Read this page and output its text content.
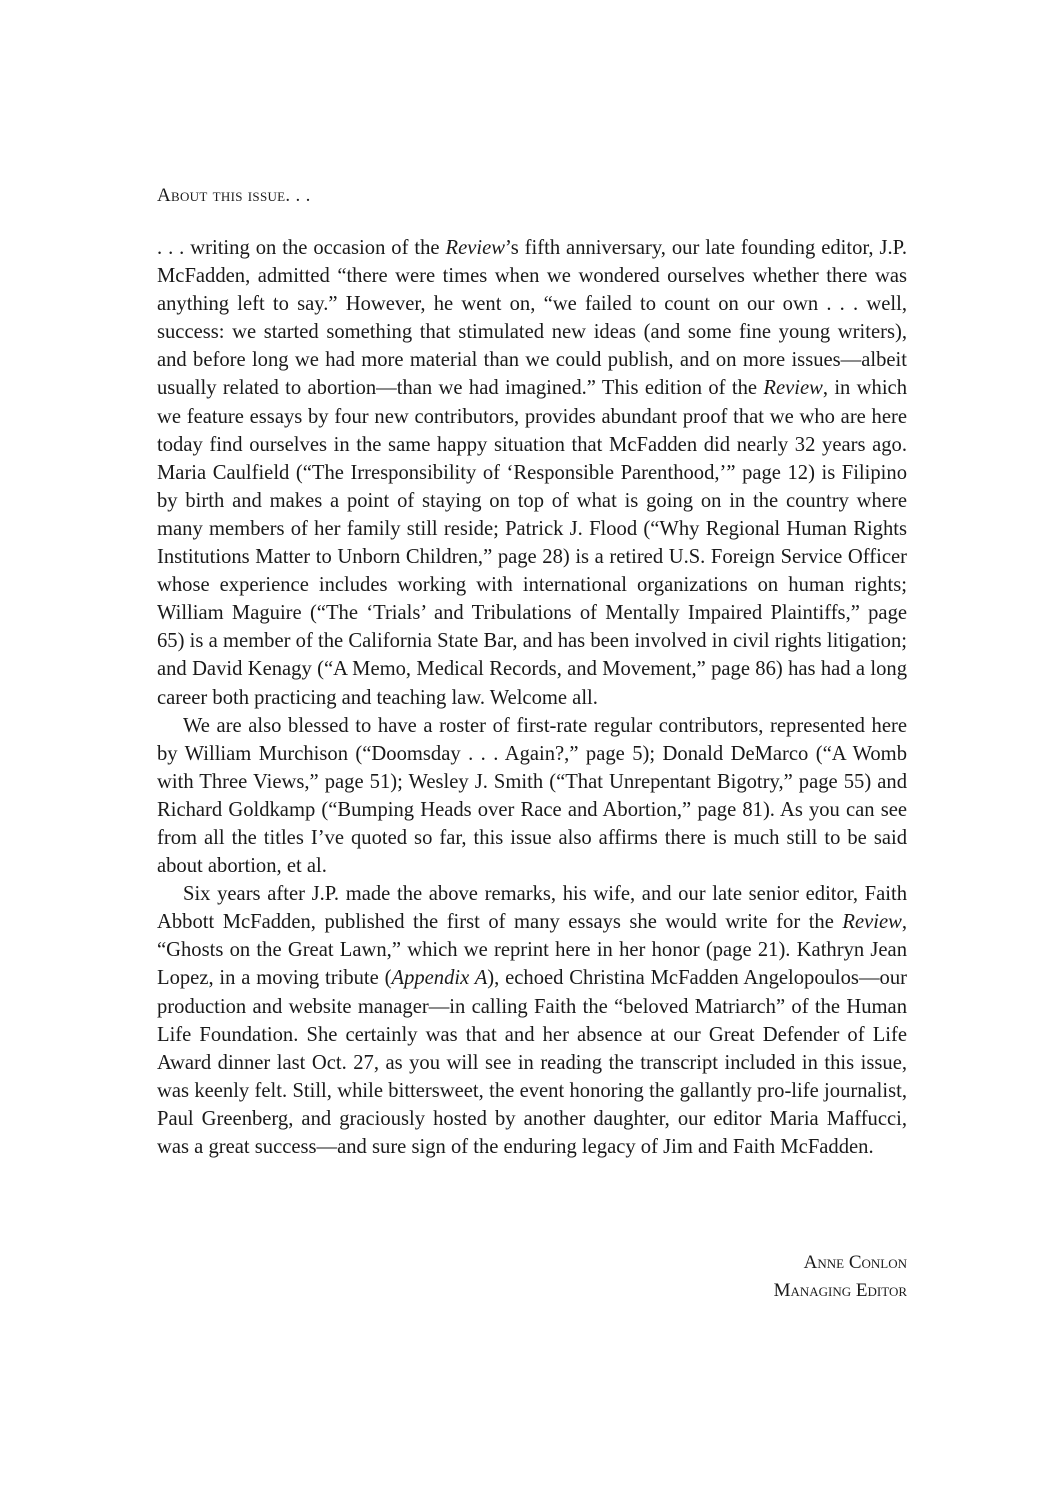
About this issue. . .

. . . writing on the occasion of the Review’s fifth anniversary, our late founding editor, J.P. McFadden, admitted “there were times when we wondered ourselves whether there was anything left to say.” However, he went on, “we failed to count on our own . . . well, success: we started something that stimulated new ideas (and some fine young writers), and before long we had more material than we could publish, and on more issues—albeit usually related to abortion—than we had imagined.” This edition of the Review, in which we feature essays by four new contributors, provides abundant proof that we who are here today find ourselves in the same happy situation that McFadden did nearly 32 years ago. Maria Caulfield (“The Irresponsibility of ‘Responsible Parenthood,’” page 12) is Filipino by birth and makes a point of staying on top of what is going on in the country where many members of her family still reside; Patrick J. Flood (“Why Regional Human Rights Institutions Matter to Unborn Children,” page 28) is a retired U.S. Foreign Service Officer whose experience includes working with international organizations on human rights; William Maguire (“The ‘Trials’ and Tribulations of Mentally Impaired Plaintiffs,” page 65) is a member of the California State Bar, and has been involved in civil rights litigation; and David Kenagy (“A Memo, Medical Records, and Movement,” page 86) has had a long career both practicing and teaching law. Welcome all.

We are also blessed to have a roster of first-rate regular contributors, represented here by William Murchison (“Doomsday . . . Again?,” page 5); Donald DeMarco (“A Womb with Three Views,” page 51); Wesley J. Smith (“That Unrepentant Bigotry,” page 55) and Richard Goldkamp (“Bumping Heads over Race and Abortion,” page 81). As you can see from all the titles I’ve quoted so far, this issue also affirms there is much still to be said about abortion, et al.

Six years after J.P. made the above remarks, his wife, and our late senior editor, Faith Abbott McFadden, published the first of many essays she would write for the Review, “Ghosts on the Great Lawn,” which we reprint here in her honor (page 21). Kathryn Jean Lopez, in a moving tribute (Appendix A), echoed Christina McFadden Angelopoulos—our production and website manager—in calling Faith the “beloved Matriarch” of the Human Life Foundation. She certainly was that and her absence at our Great Defender of Life Award dinner last Oct. 27, as you will see in reading the transcript included in this issue, was keenly felt. Still, while bittersweet, the event honoring the gallantly pro-life journalist, Paul Greenberg, and graciously hosted by another daughter, our editor Maria Maffucci, was a great success—and sure sign of the enduring legacy of Jim and Faith McFadden.

Anne Conlon
Managing Editor
